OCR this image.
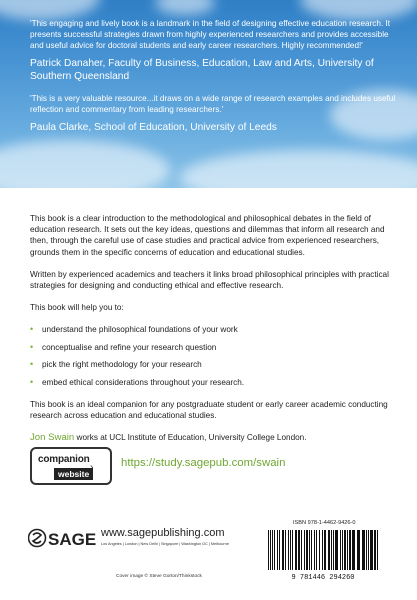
'This engaging and lively book is a landmark in the field of designing effective education research. It presents successful strategies drawn from highly experienced researchers and provides accessible and useful advice for doctoral students and early career researchers. Highly recommended!'

Patrick Danaher, Faculty of Business, Education, Law and Arts, University of Southern Queensland

'This is a very valuable resource...it draws on a wide range of research examples and includes useful reflection and commentary from leading researchers.'

Paula Clarke, School of Education, University of Leeds

This book is a clear introduction to the methodological and philosophical debates in the field of education research. It sets out the key ideas, questions and dilemmas that inform all research and then, through the careful use of case studies and practical advice from experienced researchers, grounds them in the specific concerns of education and educational studies.

Written by experienced academics and teachers it links broad philosophical principles with practical strategies for designing and conducting ethical and effective research.

This book will help you to:

•	understand the philosophical foundations of your work
•	conceptualise and refine your research question
•	pick the right methodology for your research
•	embed ethical considerations throughout your research.

This book is an ideal companion for any postgraduate student or early career academic conducting research across education and educational studies.

Jon Swain works at UCL Institute of Education, University College London.

companion
website
› https://study.sagepub.com/swain
SAGE www.sagepublishing.com
Los Angeles | London | New Delhi | Singapore | Washington DC | Melbourne
Cover image © Steve Gorton/Thinkstock
ISBN 978-1-4462-9426-0
9 781446 294260
